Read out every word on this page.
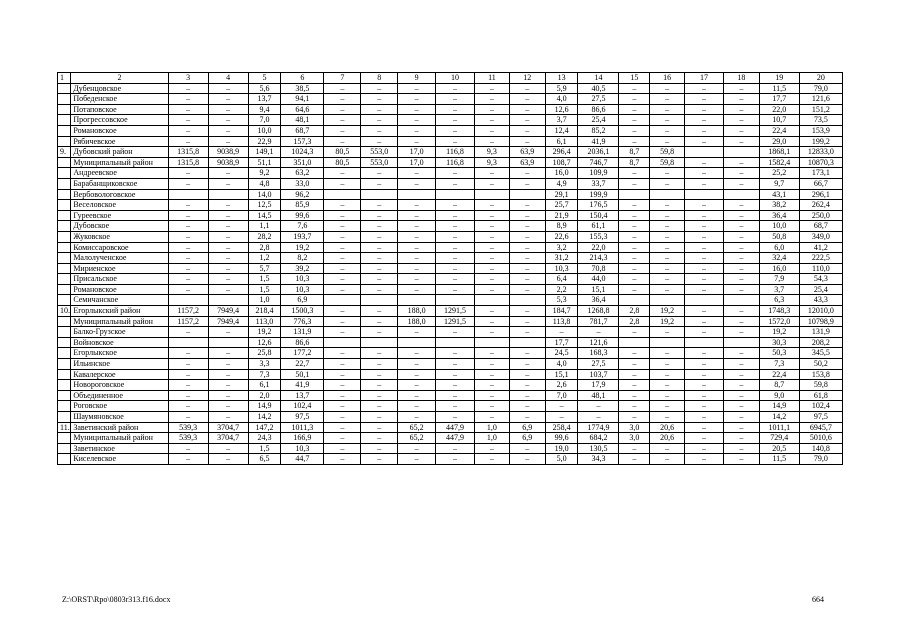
1	2	3	4	5	6	7	8	9	10	11	12	13	14	15	16	17	18	19	20
	Дубенцовское	–	–	5,6	38,5	–	–	–	–	–	–	5,9	40,5	–	–	–	–	11,5	79,0
	Победенское	–	–	13,7	94,1	–	–	–	–	–	–	4,0	27,5	–	–	–	–	17,7	121,6
	Потаповское	–	–	9,4	64,6	–	–	–	–	–	–	12,6	86,6	–	–	–	–	22,0	151,2
	Прогрессовское	–	–	7,0	48,1	–	–	–	–	–	–	3,7	25,4	–	–	–	–	10,7	73,5
	Романовское	–	–	10,0	68,7	–	–	–	–	–	–	12,4	85,2	–	–	–	–	22,4	153,9
	Рябичевское	–	–	22,9	157,3	–	–	–	–	–	–	6,1	41,9	–	–	–	–	29,0	199,2
9.	Дубовский район	1315,8	9038,9	149,1	1024,3	80,5	553,0	17,0	116,8	9,3	63,9	296,4	2036,1	8,7	59,8			1868,1	12833,0
	Муниципальный район	1315,8	9038,9	51,1	351,0	80,5	553,0	17,0	116,8	9,3	63,9	108,7	746,7	8,7	59,8	–	–	1582,4	10870,3
	Андреевское	–	–	9,2	63,2	–	–	–	–	–	–	16,0	109,9	–	–	–	–	25,2	173,1
	Барабанщиковское	–	–	4,8	33,0	–	–	–	–	–	–	4,9	33,7	–	–	–	–	9,7	66,7
	Вербовологовское			14,0	96,2							29,1	199,9					43,1	296,1
	Веселовское	–	–	12,5	85,9	–	–	–	–	–	–	25,7	176,5	–	–	–	–	38,2	262,4
	Гуреевское	–	–	14,5	99,6	–	–	–	–	–	–	21,9	150,4	–	–	–	–	36,4	250,0
	Дубовское	–	–	1,1	7,6	–	–	–	–	–	–	8,9	61,1	–	–	–	–	10,0	68,7
	Жуковское	–	–	28,2	193,7	–	–	–	–	–	–	22,6	155,3	–	–	–	–	50,8	349,0
	Комиссаровское	–	–	2,8	19,2	–	–	–	–	–	–	3,2	22,0	–	–	–	–	6,0	41,2
	Малолученское	–	–	1,2	8,2	–	–	–	–	–	–	31,2	214,3	–	–	–	–	32,4	222,5
	Мириенское	–	–	5,7	39,2	–	–	–	–	–	–	10,3	70,8	–	–	–	–	16,0	110,0
	Присальское	–	–	1,5	10,3	–	–	–	–	–	–	6,4	44,0	–	–	–	–	7,9	54,3
	Романовское	–	–	1,5	10,3	–	–	–	–	–	–	2,2	15,1	–	–	–	–	3,7	25,4
	Семичанское			1,0	6,9							5,3	36,4					6,3	43,3
10.	Егорлыкский район	1157,2	7949,4	218,4	1500,3	–	–	188,0	1291,5	–	–	184,7	1268,8	2,8	19,2	–	–	1748,3	12010,0
	Муниципальный район	1157,2	7949,4	113,0	776,3	–	–	188,0	1291,5	–	–	113,8	781,7	2,8	19,2	–	–	1572,0	10798,9
	Балко-Грузское	–	–	19,2	131,9	–	–	–	–	–	–	–	–	–	–	–	–	19,2	131,9
	Войновское			12,6	86,6							17,7	121,6					30,3	208,2
	Егорлыкское	–	–	25,8	177,2	–	–	–	–	–	–	24,5	168,3	–	–	–	–	50,3	345,5
	Ильинское	–	–	3,3	22,7	–	–	–	–	–	–	4,0	27,5	–	–	–	–	7,3	50,2
	Кавалерское	–	–	7,3	50,1	–	–	–	–	–	–	15,1	103,7	–	–	–	–	22,4	153,8
	Новороговское	–	–	6,1	41,9	–	–	–	–	–	–	2,6	17,9	–	–	–	–	8,7	59,8
	Объединенное	–	–	2,0	13,7	–	–	–	–	–	–	7,0	48,1	–	–	–	–	9,0	61,8
	Роговское	–	–	14,9	102,4	–	–	–	–	–	–	–	–	–	–	–	–	14,9	102,4
	Шаумяновское	–	–	14,2	97,5	–	–	–	–	–	–	–	–	–	–	–	–	14,2	97,5
11.	Заветинский район	539,3	3704,7	147,2	1011,3	–	–	65,2	447,9	1,0	6,9	258,4	1774,9	3,0	20,6	–	–	1011,1	6945,7
	Муниципальный район	539,3	3704,7	24,3	166,9	–	–	65,2	447,9	1,0	6,9	99,6	684,2	3,0	20,6	–	–	729,4	5010,6
	Заветинское	–	–	1,5	10,3	–	–	–	–	–	–	19,0	130,5	–	–	–	–	20,5	140,8
	Киселевское	–	–	6,5	44,7	–	–	–	–	–	–	5,0	34,3	–	–	–	–	11,5	79,0
Z:\ORST\Rpo\0803r313.f16.docx	664
